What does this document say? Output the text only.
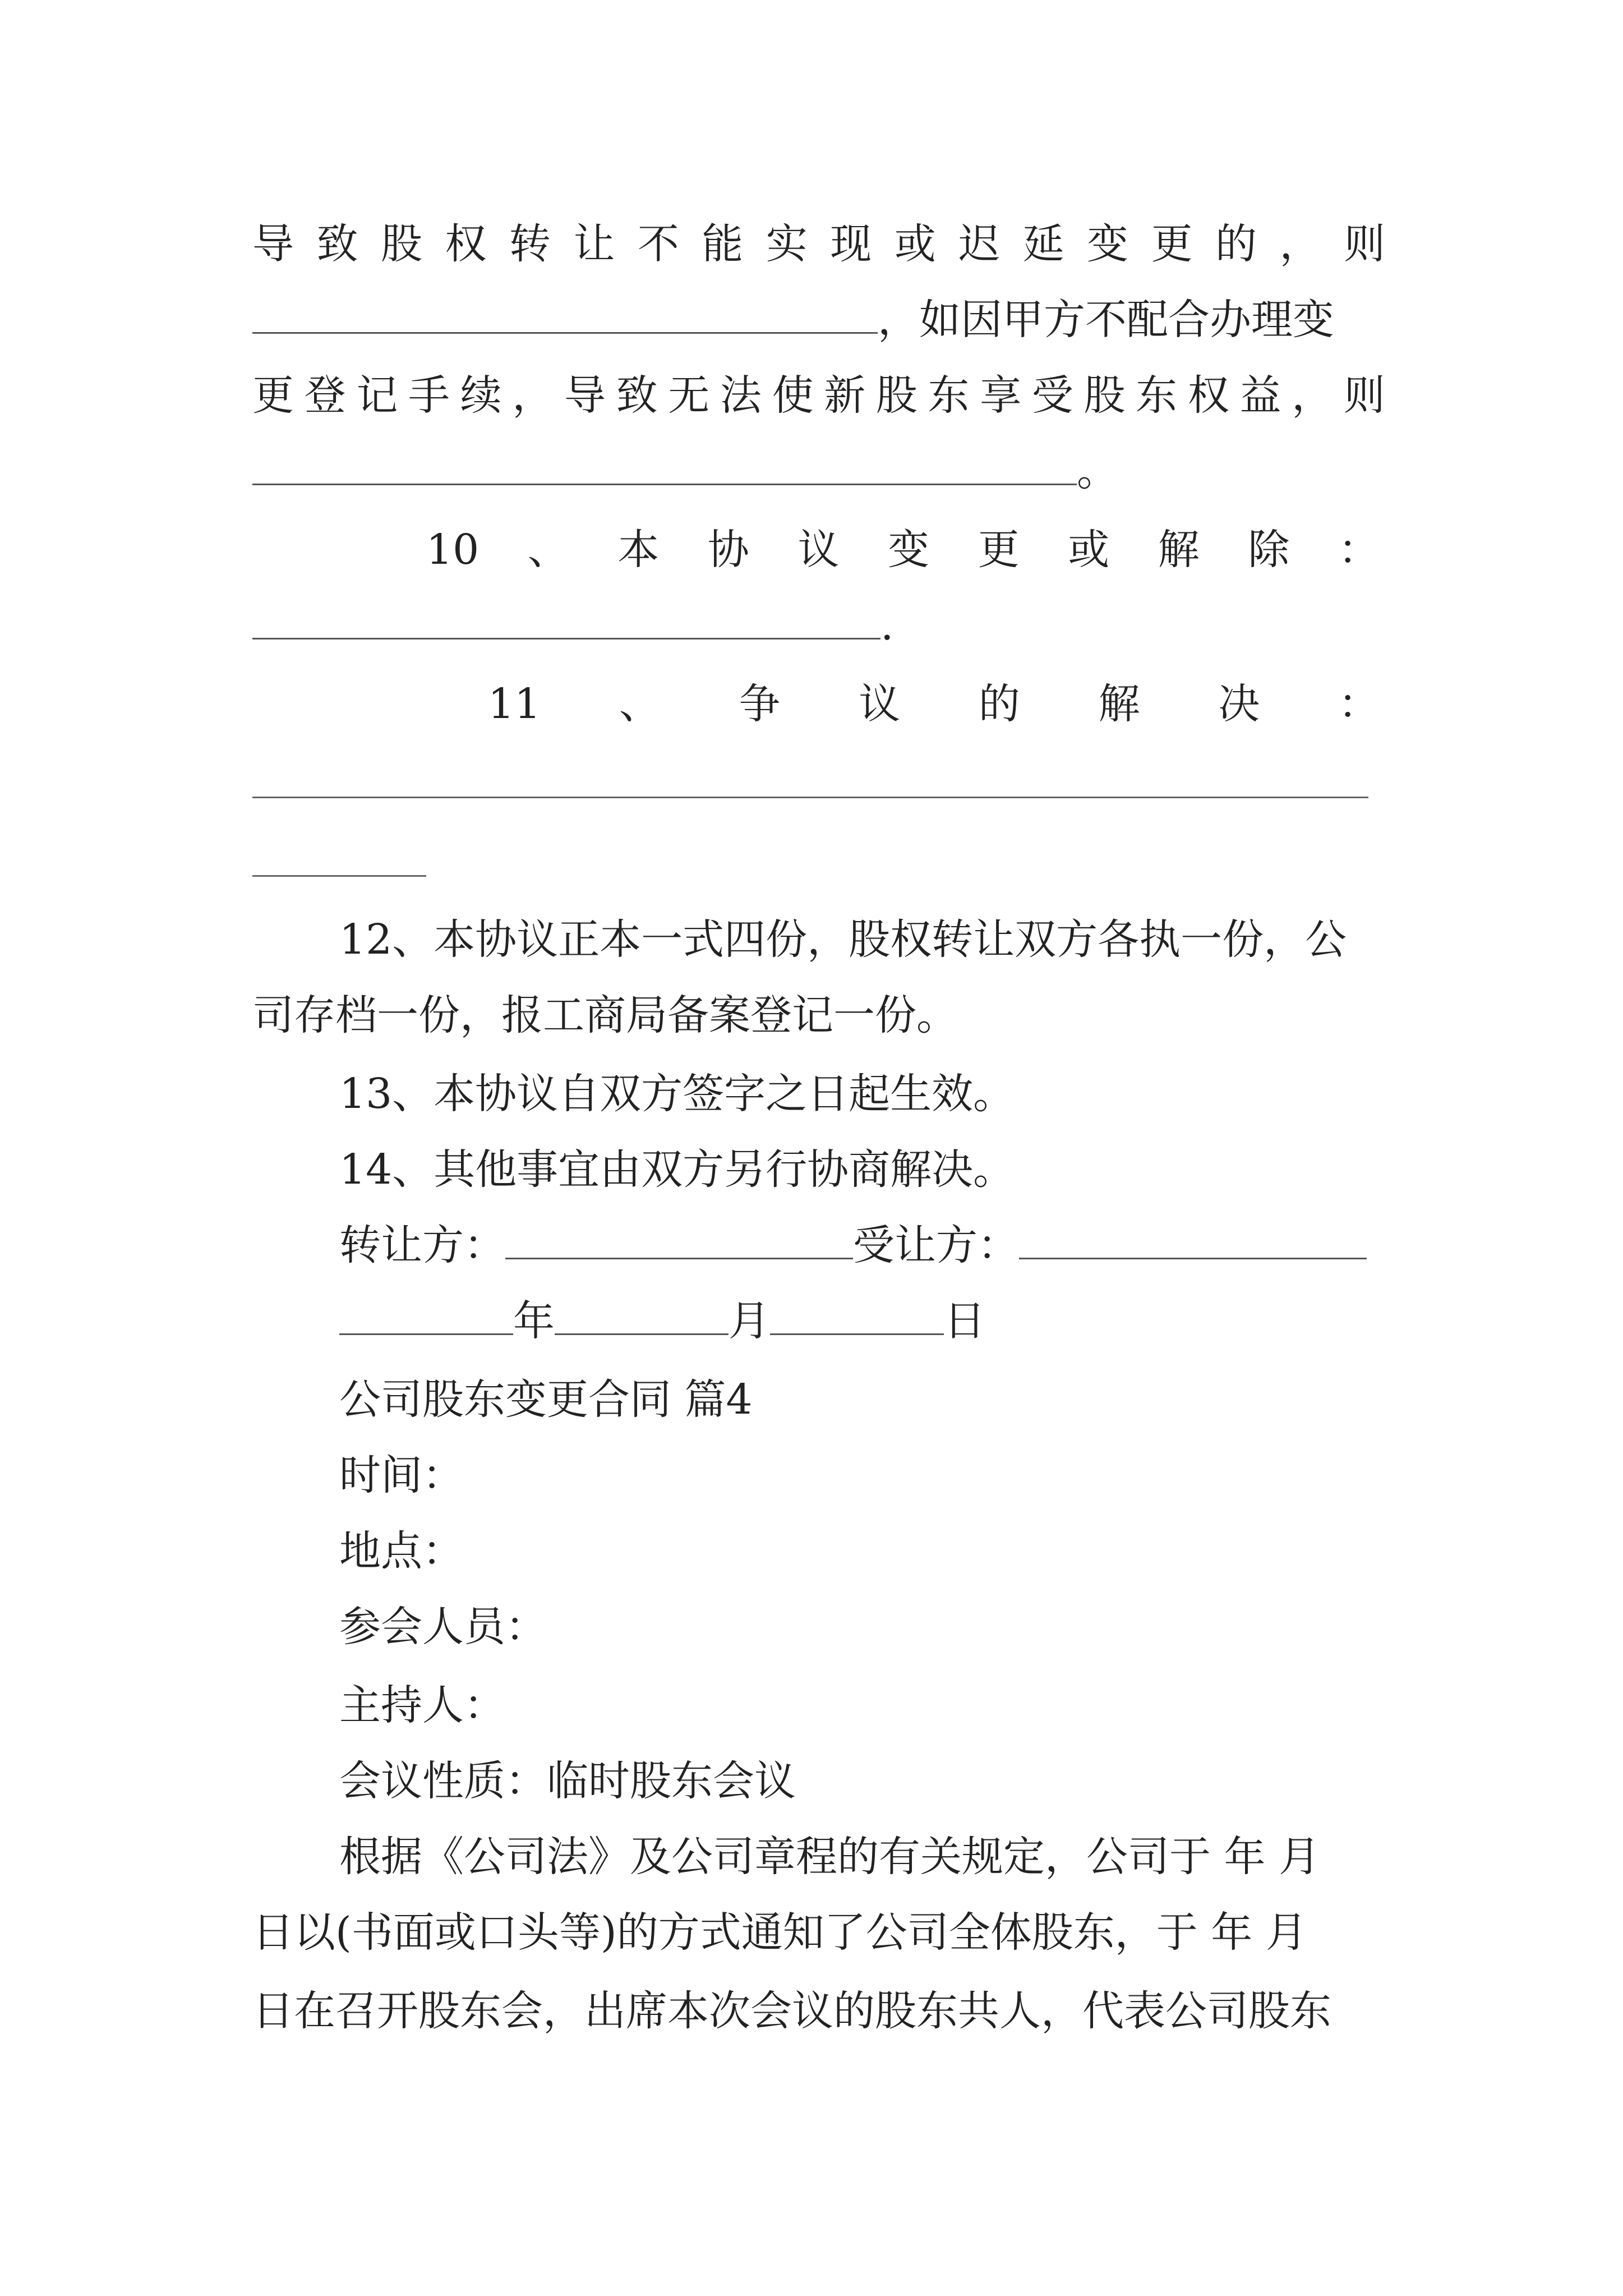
导 致 股 权 转 让 不 能 实 现 或 迟 延 变 更 的 ， 则
，如因甲方不配合办理变
更 登 记 手 续 ， 导 致 无 法 使 新 股 东 享 受 股 东 权 益 ， 则
。
10 、 本 协 议 变 更 或 解 除 ：
.
11 、 争 议 的 解 决 ：
12、本协议正本一式四份，股权转让双方各执一份，公
司存档一份，报工商局备案登记一份。
13、本协议自双方签字之日起生效。
14、其他事宜由双方另行协商解决。
转让方：	受让方：
年	月	日
公司股东变更合同 篇4
时间：
地点：
参会人员：
主持人：
会议性质：临时股东会议
根据《公司法》及公司章程的有关规定，公司于 年 月
日以(书面或口头等)的方式通知了公司全体股东，于 年 月
日在召开股东会，出席本次会议的股东共人，代表公司股东
